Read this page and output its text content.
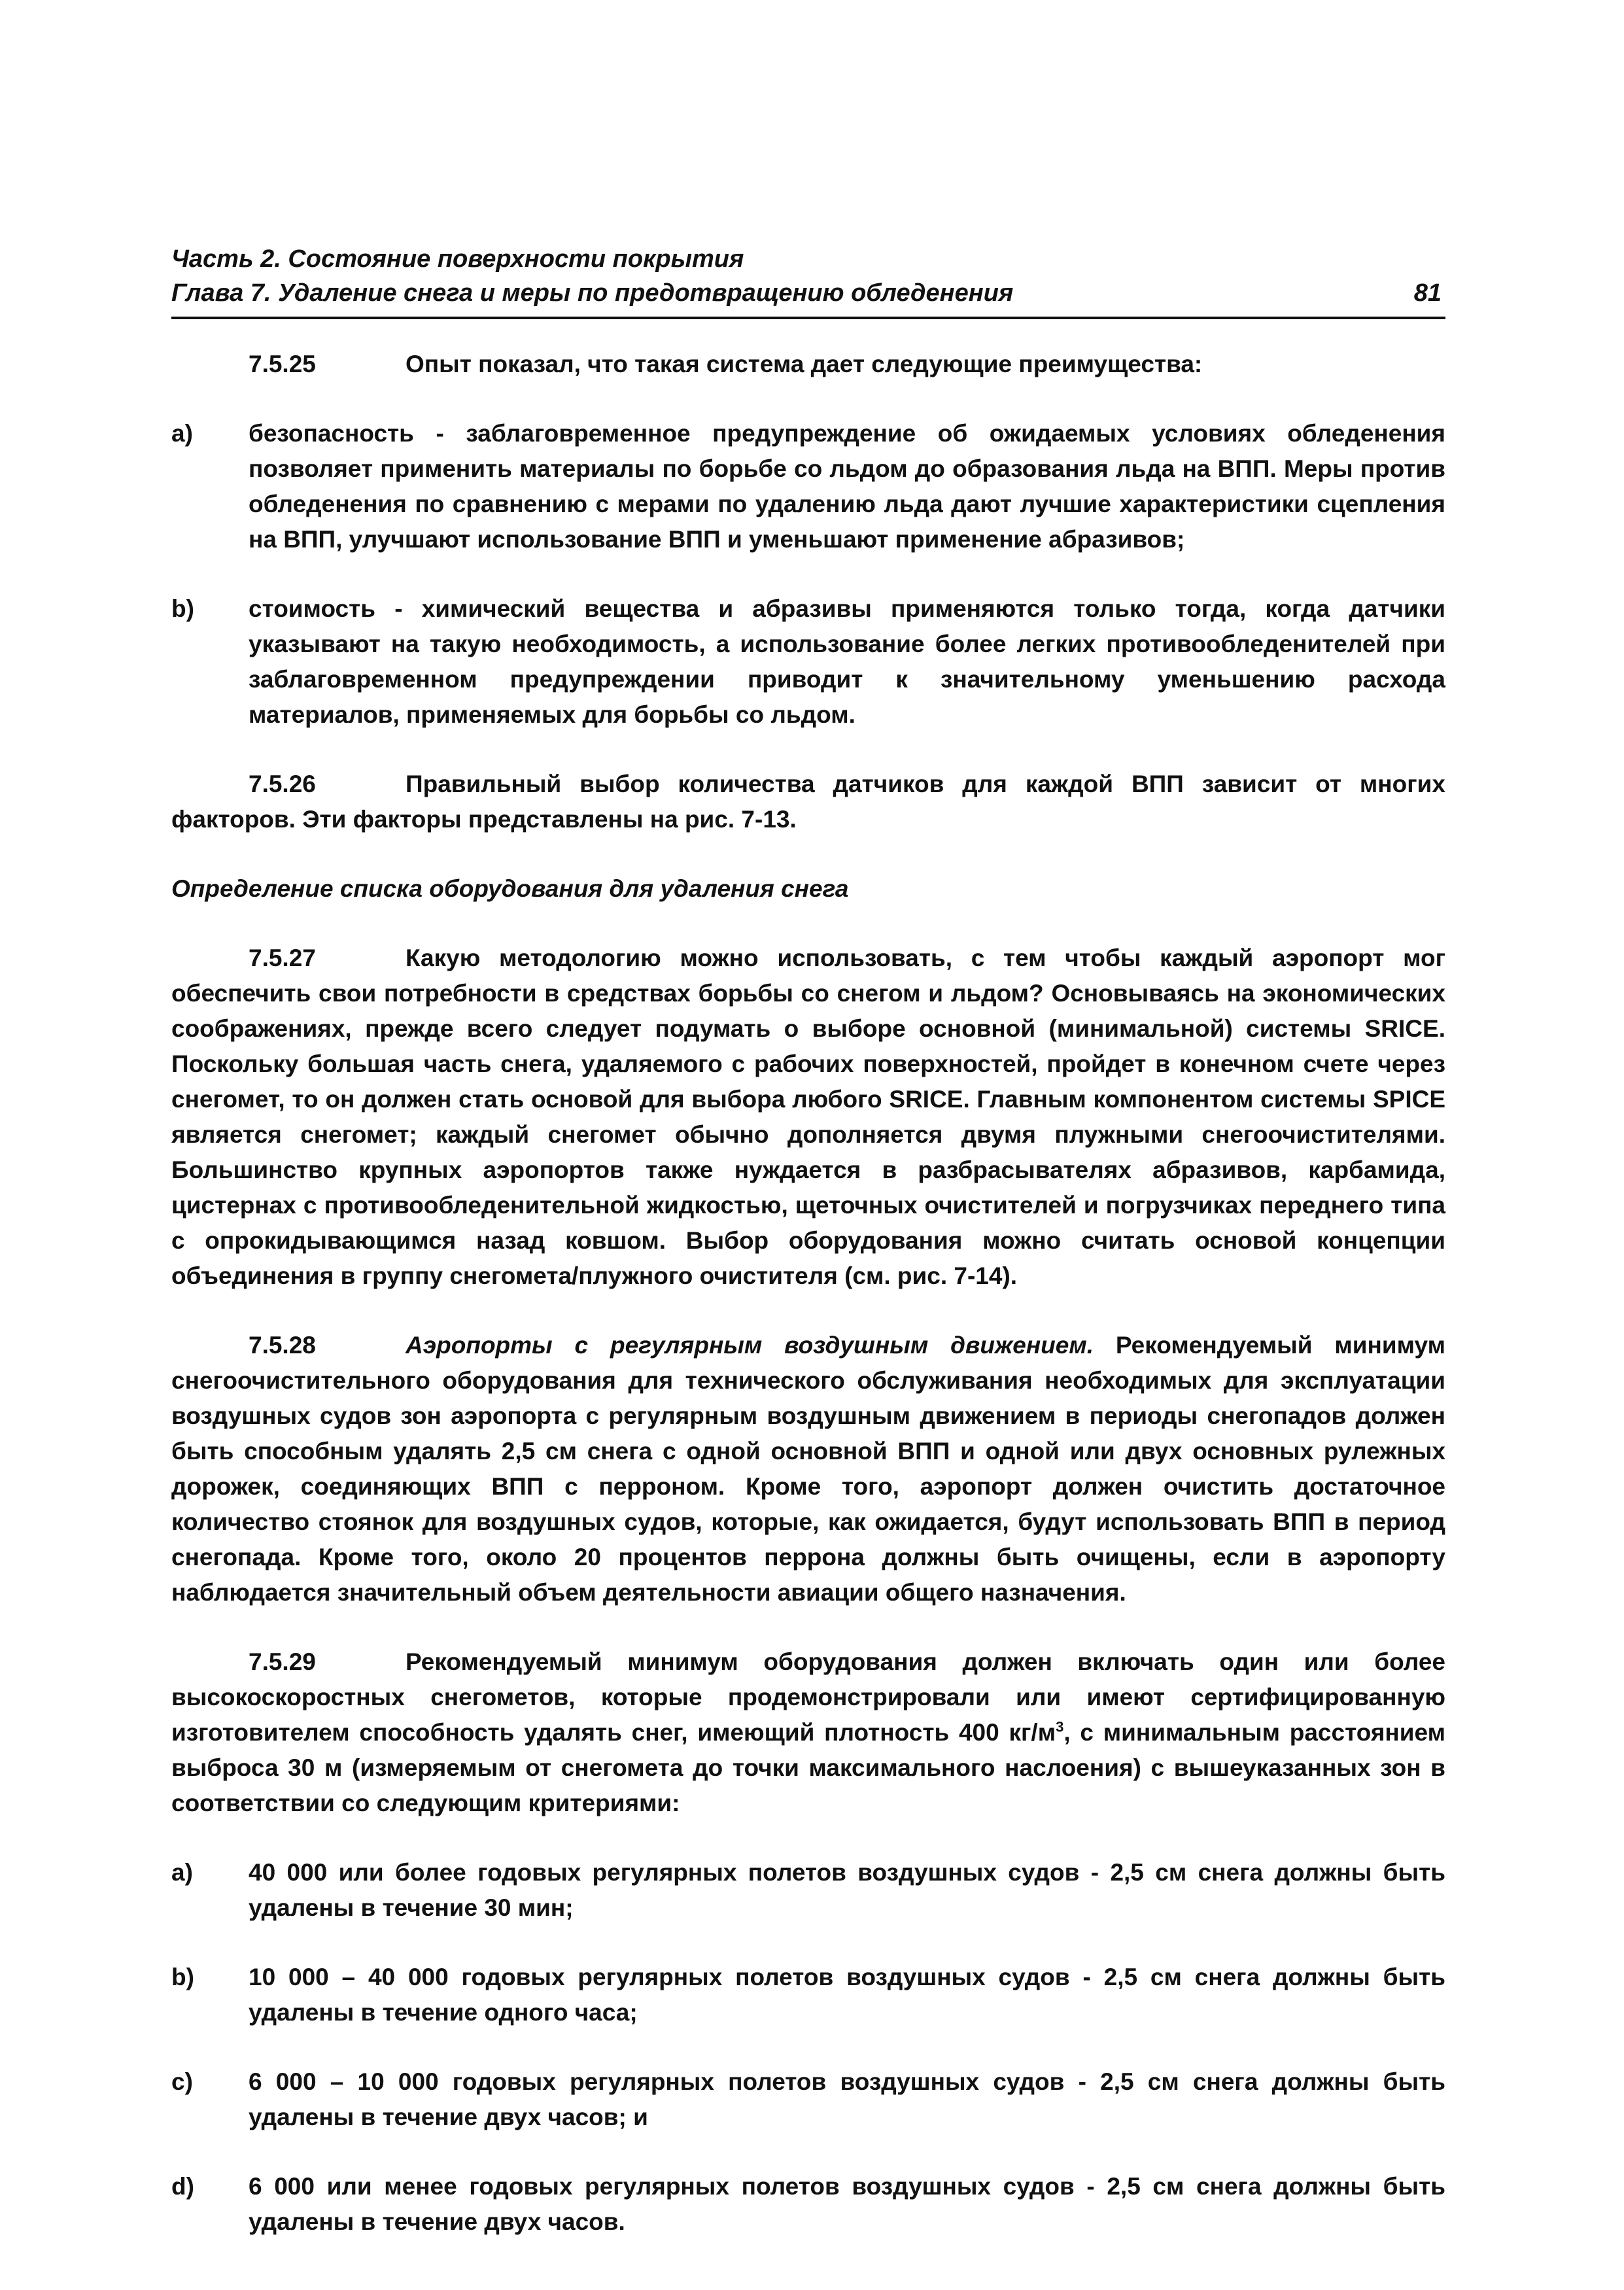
Часть 2. Состояние поверхности покрытия
Глава 7. Удаление снега и меры по предотвращению обледенения	81

7.5.25	Опыт показал, что такая система дает следующие преимущества:

a)	безопасность - заблаговременное предупреждение об ожидаемых условиях обледенения позволяет применить материалы по борьбе со льдом до образования льда на ВПП. Меры против обледенения по сравнению с мерами по удалению льда дают лучшие характеристики сцепления на ВПП, улучшают использование ВПП и уменьшают применение абразивов;
b)	стоимость - химический вещества и абразивы применяются только тогда, когда датчики указывают на такую необходимость, а использование более легких противообледенителей при заблаговременном предупреждении приводит к значительному уменьшению расхода материалов, применяемых для борьбы со льдом.

7.5.26	Правильный выбор количества датчиков для каждой ВПП зависит от многих факторов. Эти факторы представлены на рис. 7-13.

Определение списка оборудования для удаления снега

7.5.27	Какую методологию можно использовать, с тем чтобы каждый аэропорт мог обеспечить свои потребности в средствах борьбы со снегом и льдом? Основываясь на экономических соображениях, прежде всего следует подумать о выборе основной (минимальной) системы SRICE. Поскольку большая часть снега, удаляемого с рабочих поверхностей, пройдет в конечном счете через снегомет, то он должен стать основой для выбора любого SRICE. Главным компонентом системы SPICE является снегомет; каждый снегомет обычно дополняется двумя плужными снегоочистителями. Большинство крупных аэропортов также нуждается в разбрасывателях абразивов, карбамида, цистернах с противообледенительной жидкостью, щеточных очистителей и погрузчиках переднего типа с опрокидывающимся назад ковшом. Выбор оборудования можно считать основой концепции объединения в группу снегомета/плужного очистителя (см. рис. 7-14).

7.5.28	Аэропорты с регулярным воздушным движением. Рекомендуемый минимум снегоочистительного оборудования для технического обслуживания необходимых для эксплуатации воздушных судов зон аэропорта с регулярным воздушным движением в периоды снегопадов должен быть способным удалять 2,5 см снега с одной основной ВПП и одной или двух основных рулежных дорожек, соединяющих ВПП с перроном. Кроме того, аэропорт должен очистить достаточное количество стоянок для воздушных судов, которые, как ожидается, будут использовать ВПП в период снегопада. Кроме того, около 20 процентов перрона должны быть очищены, если в аэропорту наблюдается значительный объем деятельности авиации общего назначения.

7.5.29	Рекомендуемый минимум оборудования должен включать один или более высокоскоростных снегометов, которые продемонстрировали или имеют сертифицированную изготовителем способность удалять снег, имеющий плотность 400 $кг/м^3$, с минимальным расстоянием выброса 30 м (измеряемым от снегомета до точки максимального наслоения) с вышеуказанных зон в соответствии со следующим критериями:

a)	40 000 или более годовых регулярных полетов воздушных судов - 2,5 см снега должны быть удалены в течение 30 мин;
b)	10 000 – 40 000 годовых регулярных полетов воздушных судов - 2,5 см снега должны быть удалены в течение одного часа;
c)	6 000 – 10 000 годовых регулярных полетов воздушных судов - 2,5 см снега должны быть удалены в течение двух часов; и
d)	6 000 или менее годовых регулярных полетов воздушных судов - 2,5 см снега должны быть удалены в течение двух часов.
